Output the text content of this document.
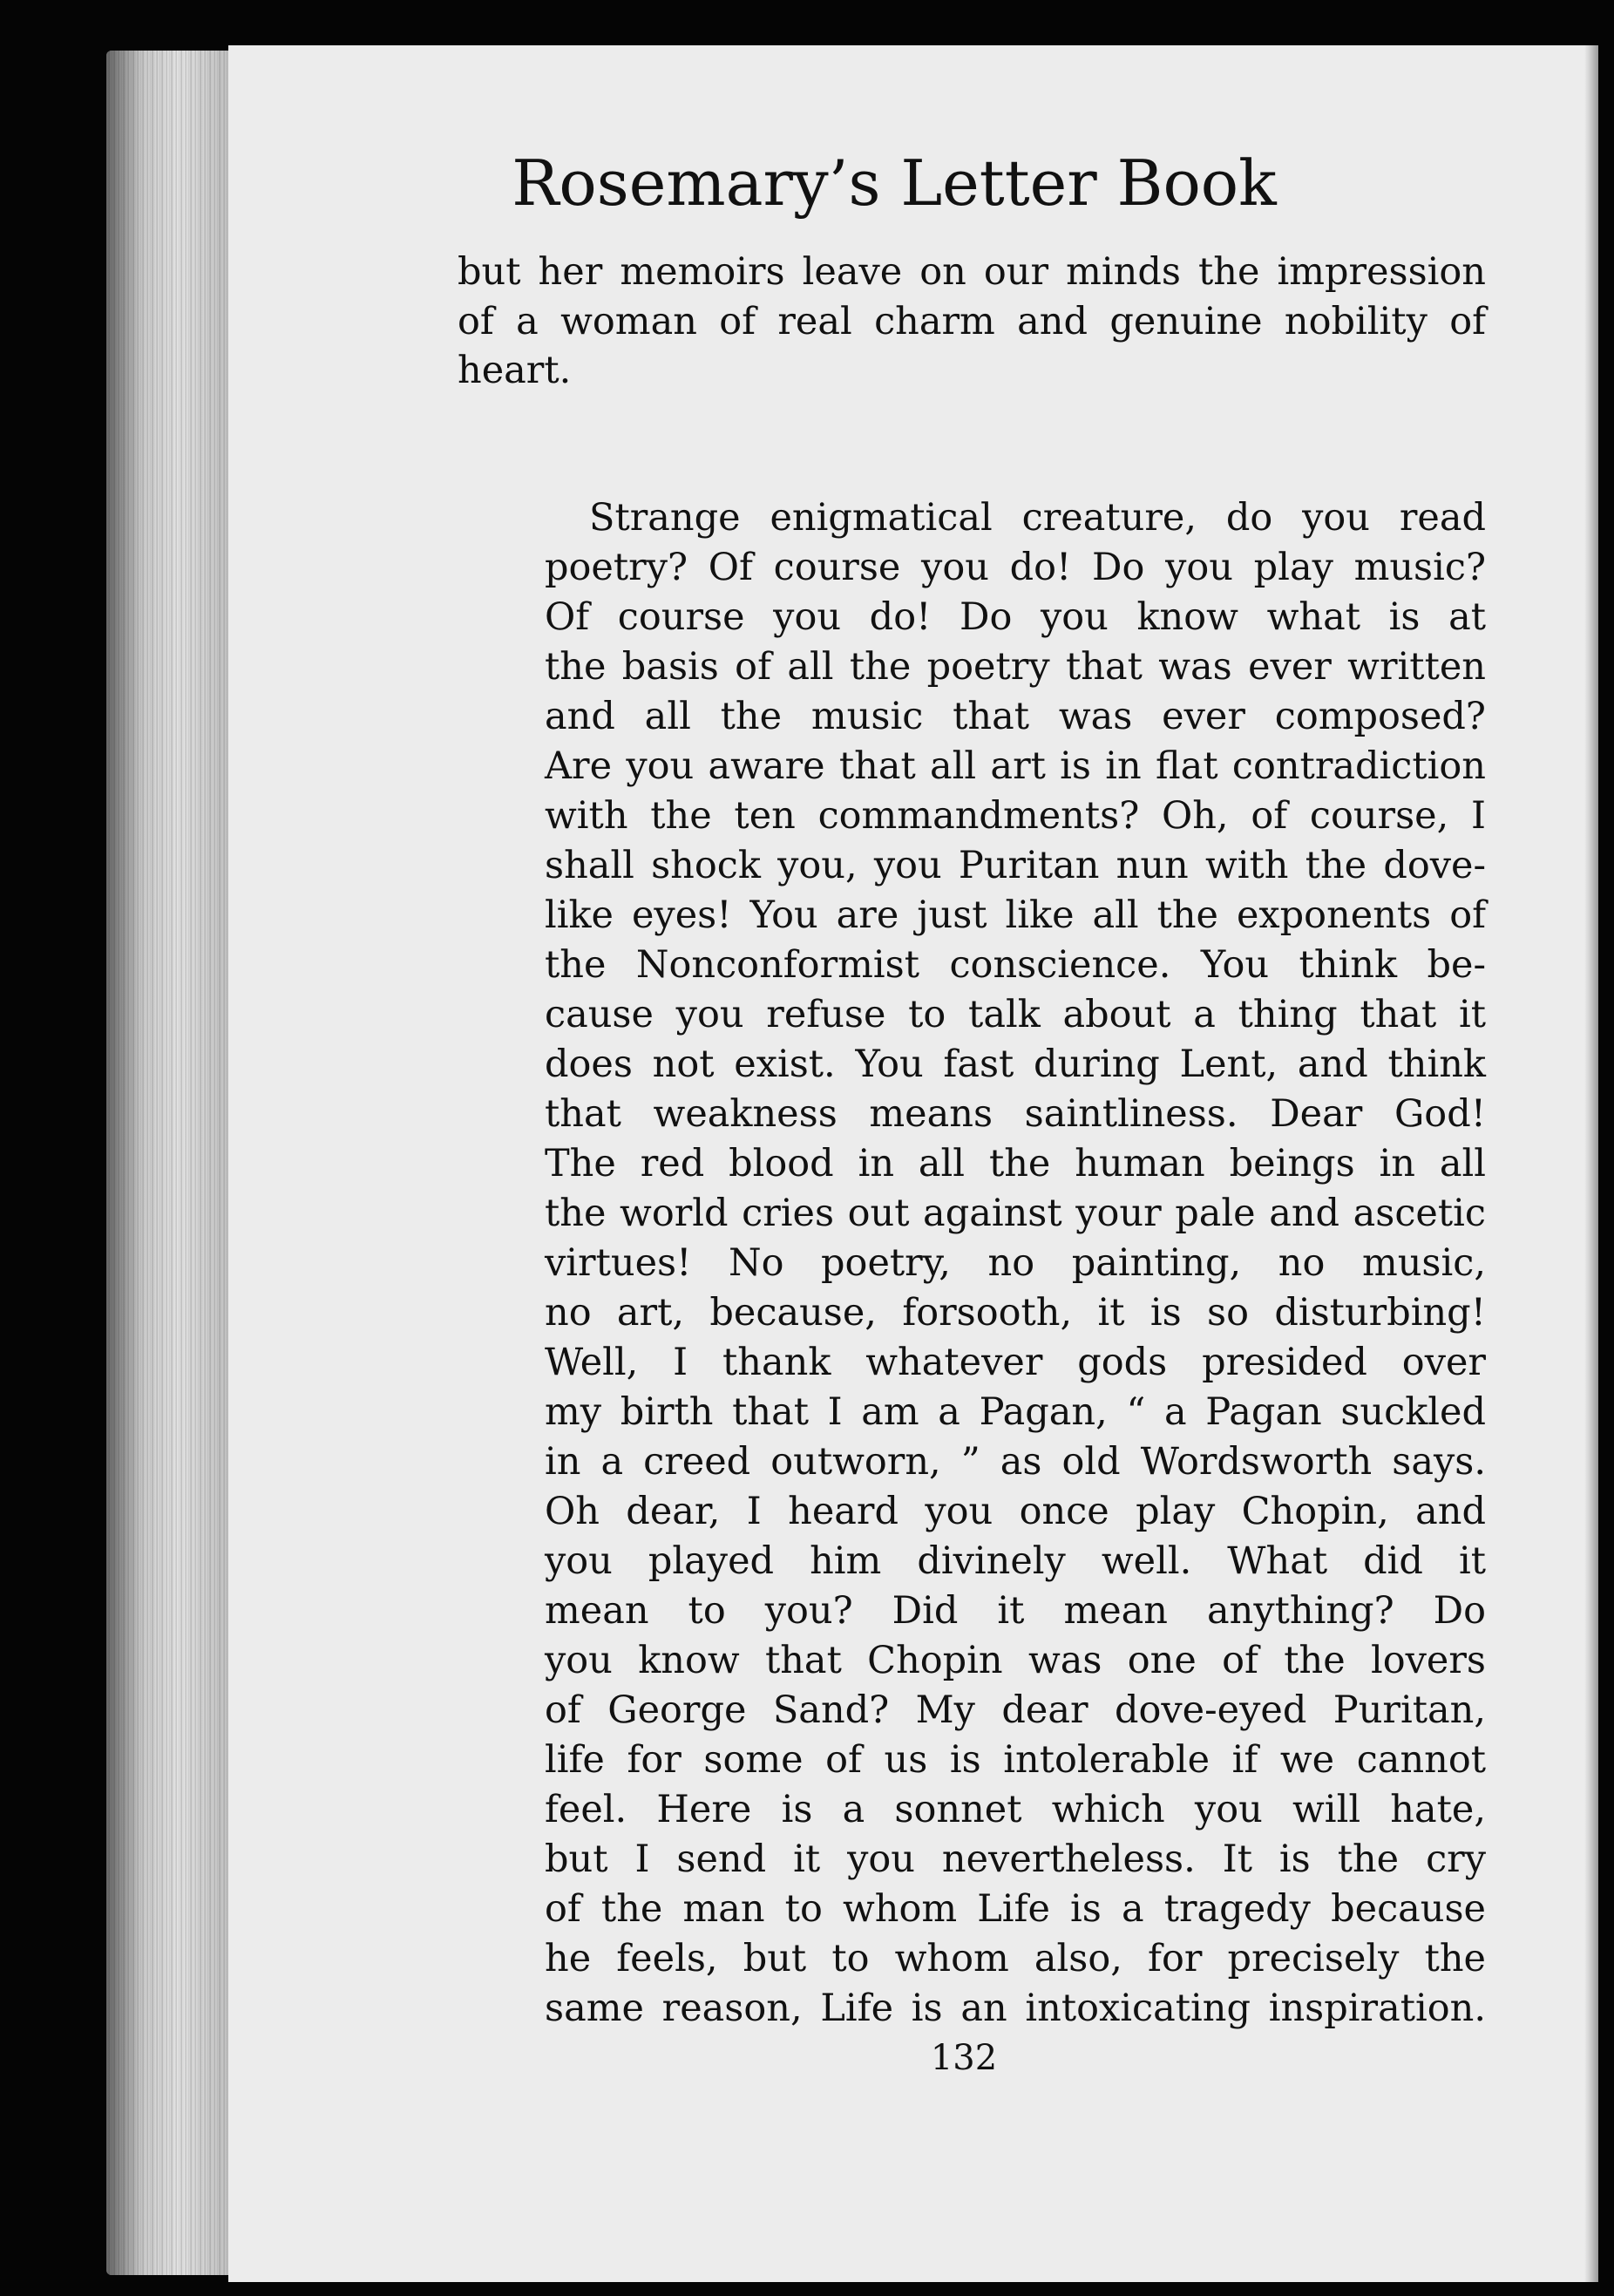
Rosemary’s Letter Book
but her memoirs leave on our minds the impression
of a woman of real charm and genuine nobility of
heart.
Strange enigmatical creature, do you read
poetry? Of course you do! Do you play music?
Of course you do! Do you know what is at
the basis of all the poetry that was ever written
and all the music that was ever composed?
Are you aware that all art is in flat contradiction
with the ten commandments? Oh, of course, I
shall shock you, you Puritan nun with the dove-
like eyes! You are just like all the exponents of
the Nonconformist conscience. You think be-
cause you refuse to talk about a thing that it
does not exist. You fast during Lent, and think
that weakness means saintliness. Dear God!
The red blood in all the human beings in all
the world cries out against your pale and ascetic
virtues! No poetry, no painting, no music,
no art, because, forsooth, it is so disturbing!
Well, I thank whatever gods presided over
my birth that I am a Pagan, “ a Pagan suckled
in a creed outworn, ” as old Wordsworth says.
Oh dear, I heard you once play Chopin, and
you played him divinely well. What did it
mean to you? Did it mean anything? Do
you know that Chopin was one of the lovers
of George Sand? My dear dove-eyed Puritan,
life for some of us is intolerable if we cannot
feel. Here is a sonnet which you will hate,
but I send it you nevertheless. It is the cry
of the man to whom Life is a tragedy because
he feels, but to whom also, for precisely the
same reason, Life is an intoxicating inspiration.
132
